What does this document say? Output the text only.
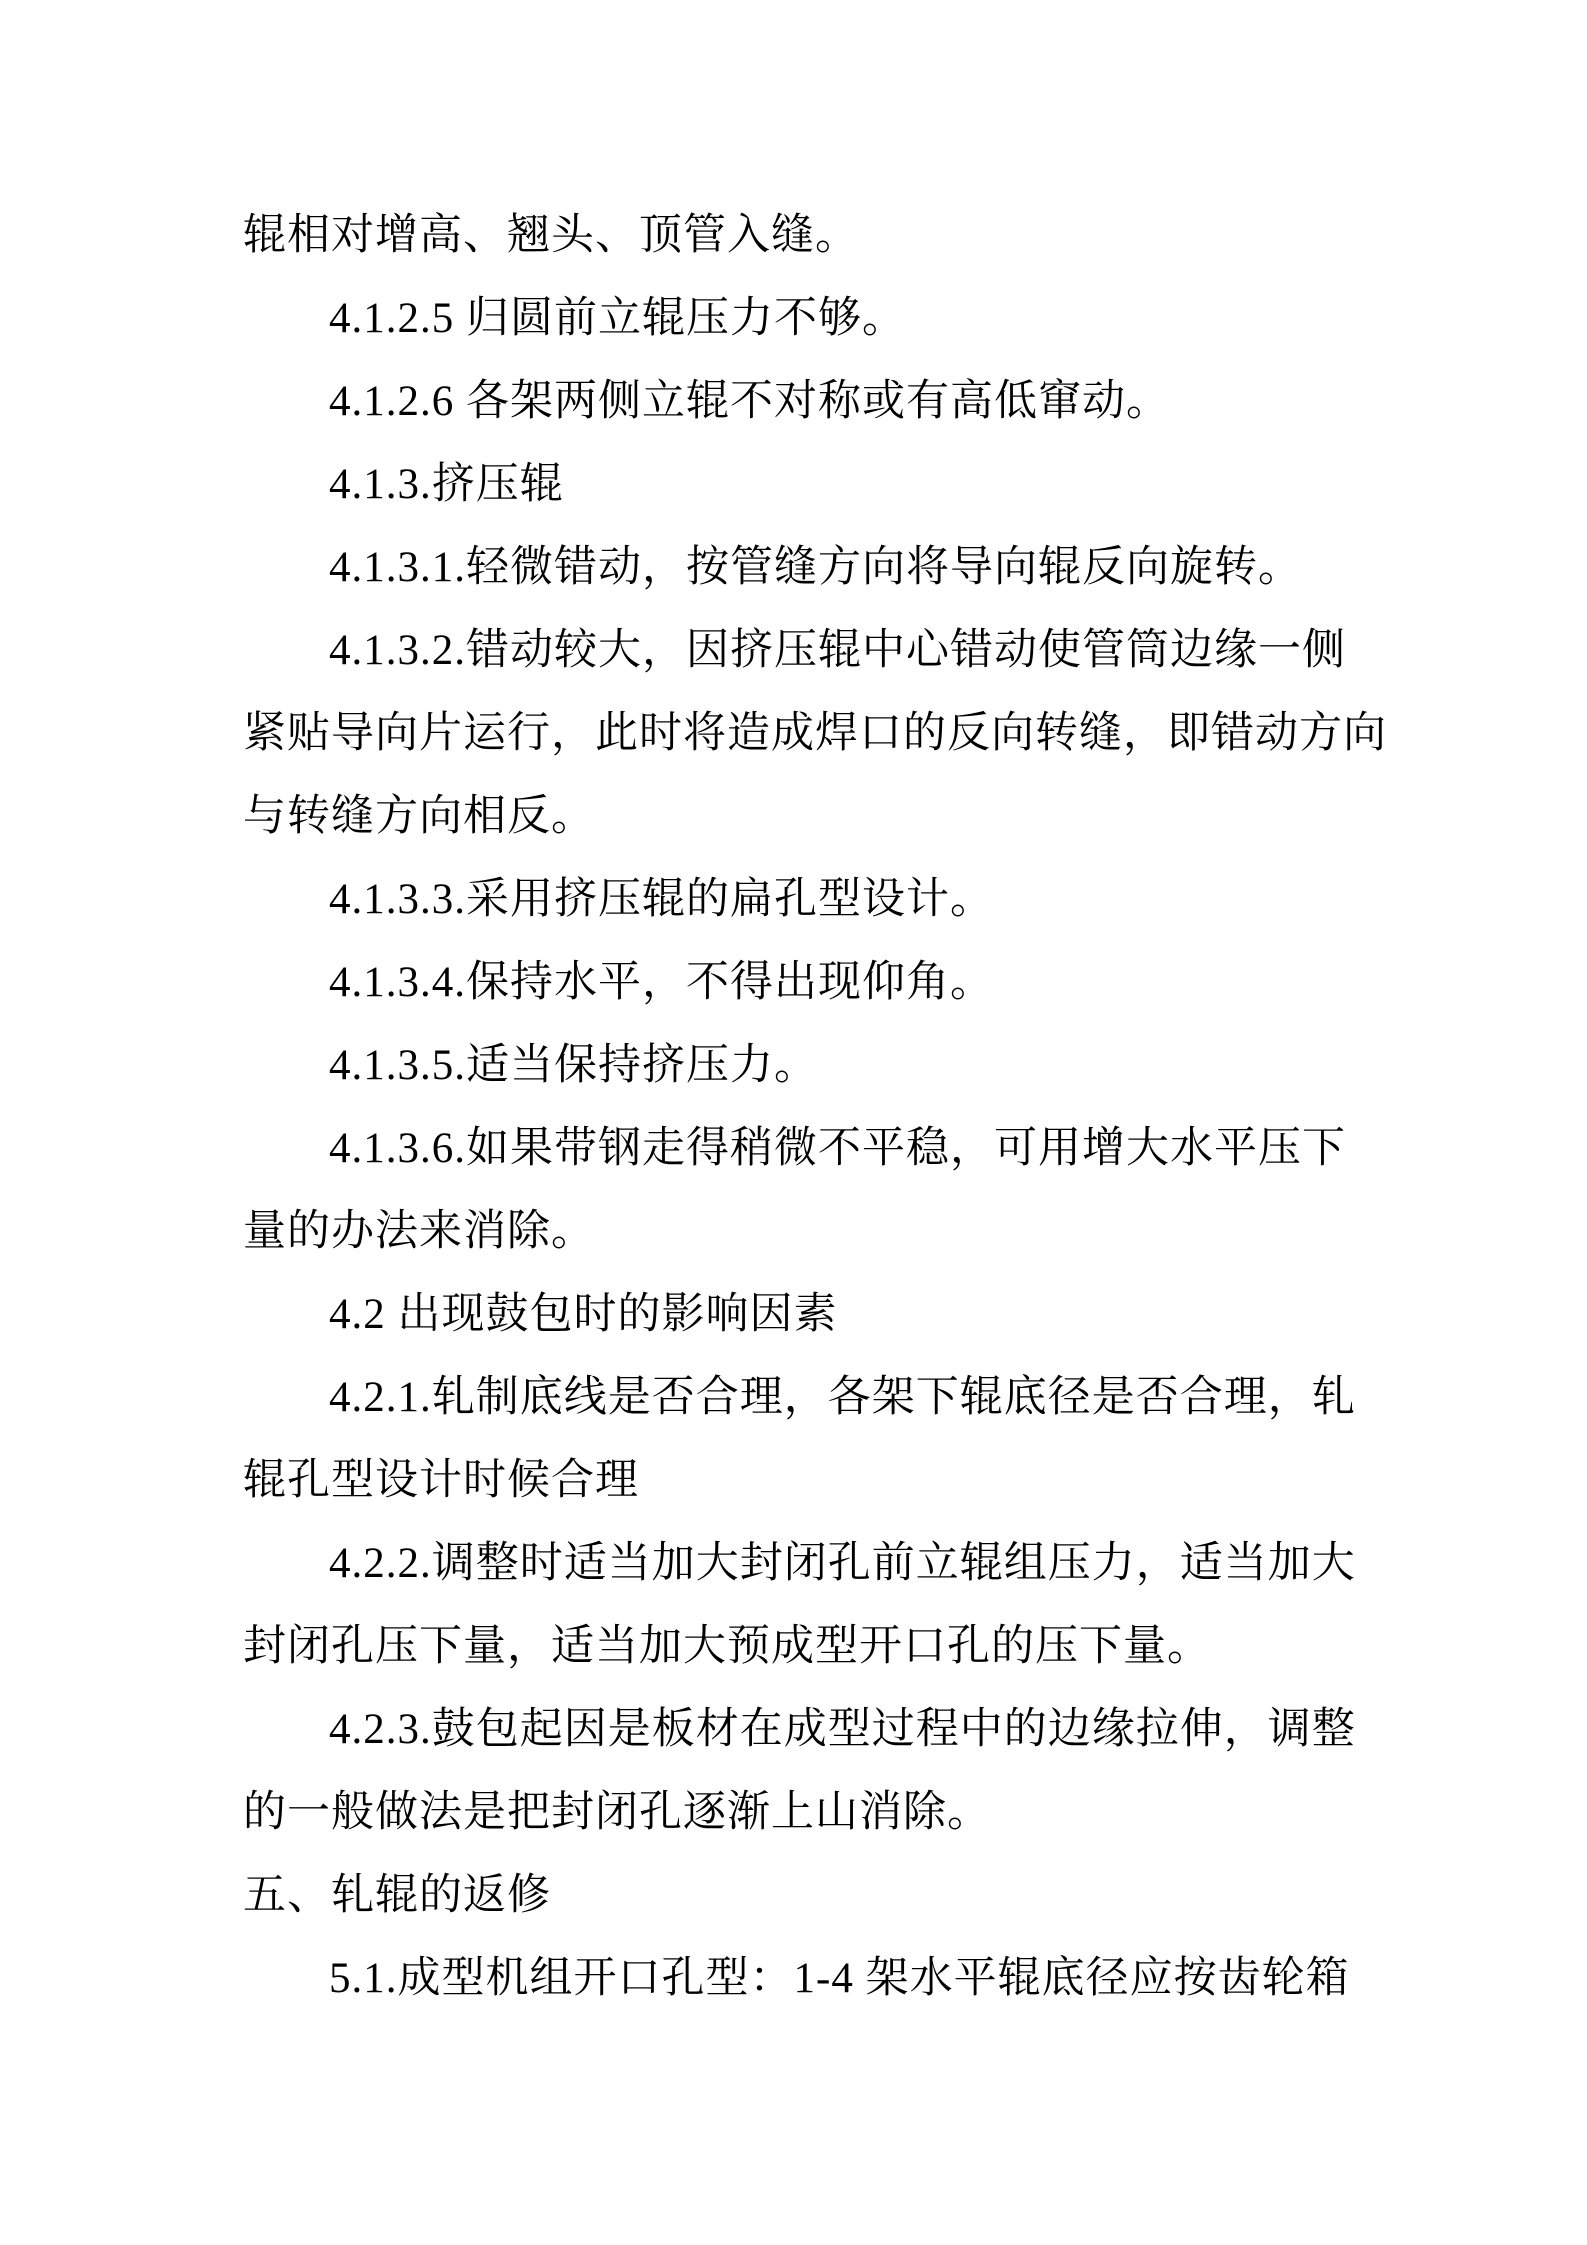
辊相对增高、翘头、顶管入缝。
4.1.2.5 归圆前立辊压力不够。
4.1.2.6 各架两侧立辊不对称或有高低窜动。
4.1.3.挤压辊
4.1.3.1.轻微错动，按管缝方向将导向辊反向旋转。
4.1.3.2.错动较大，因挤压辊中心错动使管筒边缘一侧
紧贴导向片运行，此时将造成焊口的反向转缝，即错动方向
与转缝方向相反。
4.1.3.3.采用挤压辊的扁孔型设计。
4.1.3.4.保持水平，不得出现仰角。
4.1.3.5.适当保持挤压力。
4.1.3.6.如果带钢走得稍微不平稳，可用增大水平压下
量的办法来消除。
4.2 出现鼓包时的影响因素
4.2.1.轧制底线是否合理，各架下辊底径是否合理，轧
辊孔型设计时候合理
4.2.2.调整时适当加大封闭孔前立辊组压力，适当加大
封闭孔压下量，适当加大预成型开口孔的压下量。
4.2.3.鼓包起因是板材在成型过程中的边缘拉伸，调整
的一般做法是把封闭孔逐渐上山消除。
五、轧辊的返修
5.1.成型机组开口孔型：1-4 架水平辊底径应按齿轮箱
